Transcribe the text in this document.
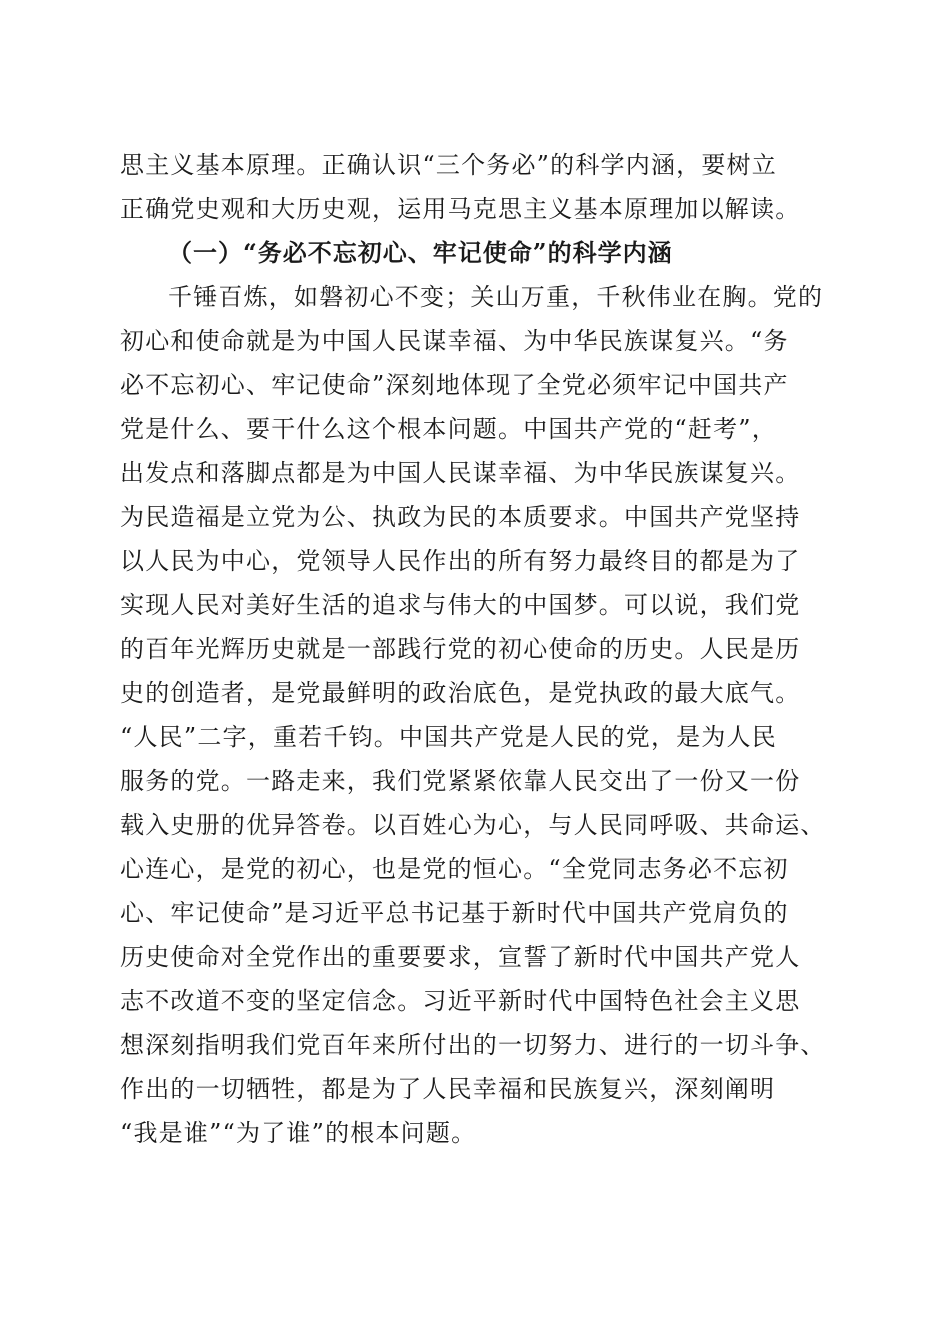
思主义基本原理。正确认识“三个务必”的科学内涵，要树立
正确党史观和大历史观，运用马克思主义基本原理加以解读。
（一）“务必不忘初心、牢记使命”的科学内涵
千锤百炼，如磐初心不变；关山万重，千秋伟业在胸。党的
初心和使命就是为中国人民谋幸福、为中华民族谋复兴。“务
必不忘初心、牢记使命”深刻地体现了全党必须牢记中国共产
党是什么、要干什么这个根本问题。中国共产党的“赶考”，
出发点和落脚点都是为中国人民谋幸福、为中华民族谋复兴。
为民造福是立党为公、执政为民的本质要求。中国共产党坚持
以人民为中心，党领导人民作出的所有努力最终目的都是为了
实现人民对美好生活的追求与伟大的中国梦。可以说，我们党
的百年光辉历史就是一部践行党的初心使命的历史。人民是历
史的创造者，是党最鲜明的政治底色，是党执政的最大底气。
“人民”二字，重若千钧。中国共产党是人民的党，是为人民
服务的党。一路走来，我们党紧紧依靠人民交出了一份又一份
载入史册的优异答卷。以百姓心为心，与人民同呼吸、共命运、
心连心，是党的初心，也是党的恒心。“全党同志务必不忘初
心、牢记使命”是习近平总书记基于新时代中国共产党肩负的
历史使命对全党作出的重要要求，宣誓了新时代中国共产党人
志不改道不变的坚定信念。习近平新时代中国特色社会主义思
想深刻指明我们党百年来所付出的一切努力、进行的一切斗争、
作出的一切牺牲，都是为了人民幸福和民族复兴，深刻阐明
“我是谁”“为了谁”的根本问题。
